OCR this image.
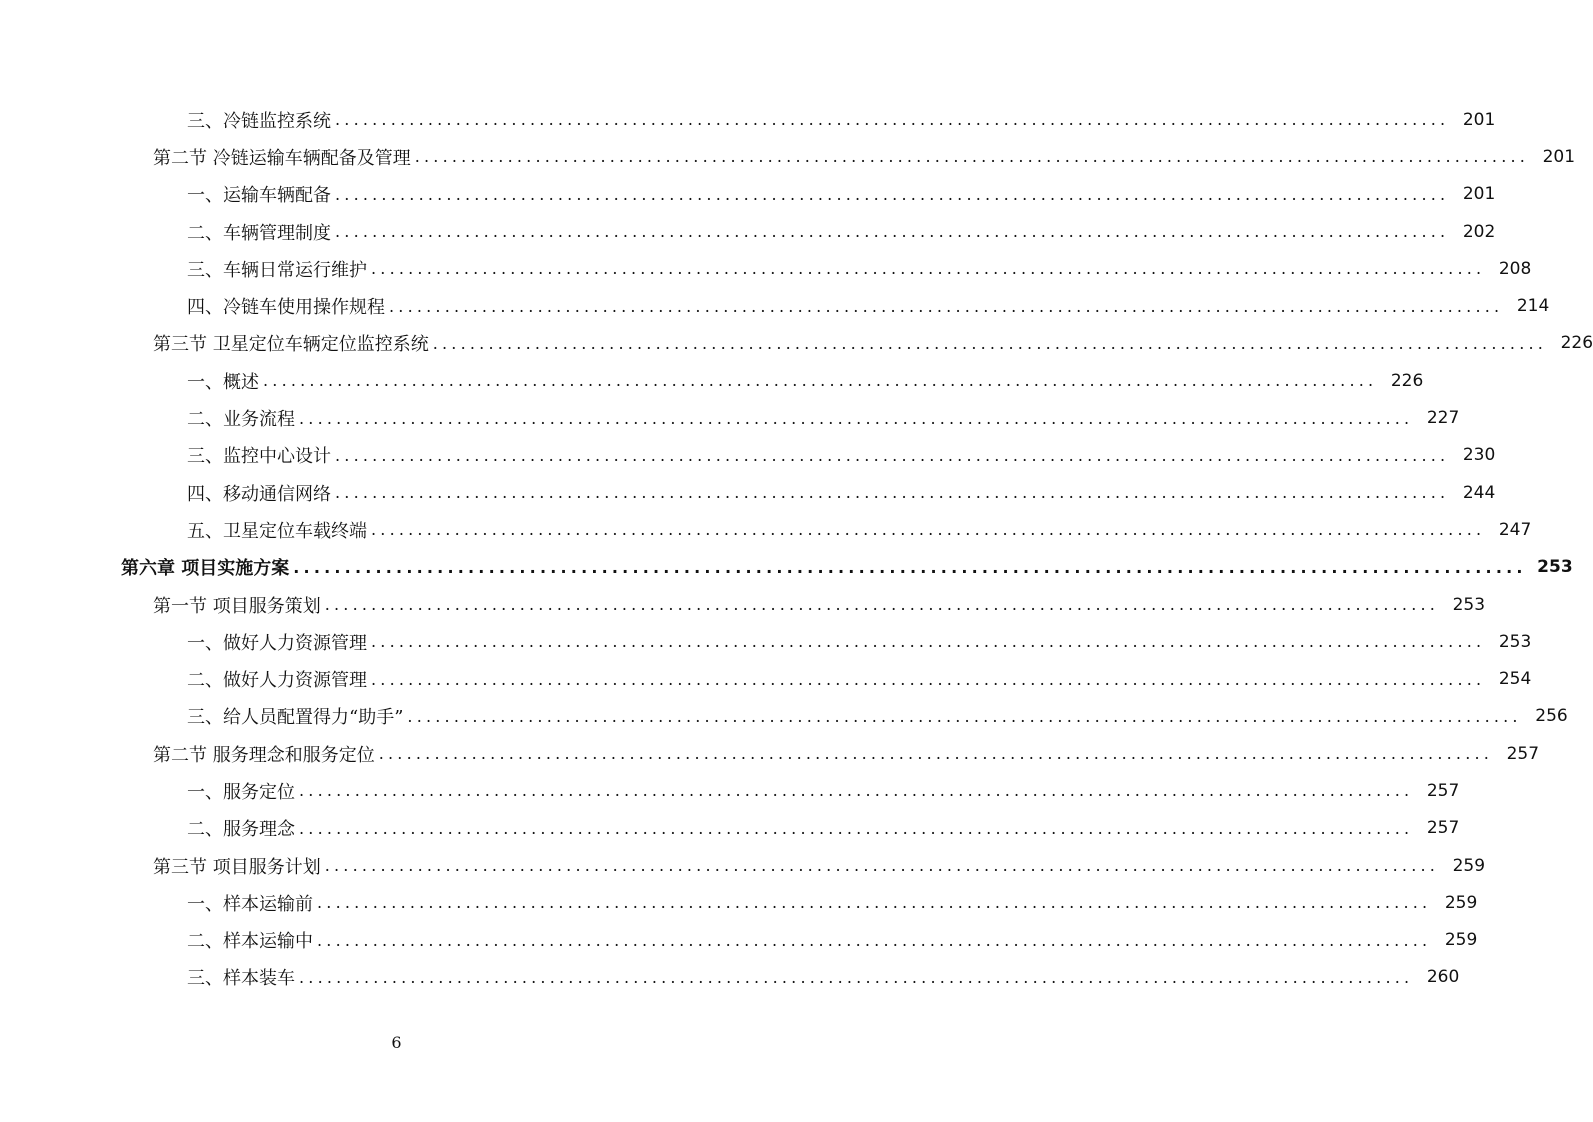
三、冷链监控系统 ........................................................................................................................ 201
第二节 冷链运输车辆配备及管理 ........................................................................................................................ 201
一、运输车辆配备 ........................................................................................................................ 201
二、车辆管理制度 ........................................................................................................................ 202
三、车辆日常运行维护 ........................................................................................................................ 208
四、冷链车使用操作规程 ........................................................................................................................ 214
第三节 卫星定位车辆定位监控系统 ........................................................................................................................ 226
一、概述 ........................................................................................................................ 226
二、业务流程 ........................................................................................................................ 227
三、监控中心设计 ........................................................................................................................ 230
四、移动通信网络 ........................................................................................................................ 244
五、卫星定位车载终端 ........................................................................................................................ 247
第六章 项目实施方案 ........................................................................................................................ 253
第一节 项目服务策划 ........................................................................................................................ 253
一、做好人力资源管理 ........................................................................................................................ 253
二、做好人力资源管理 ........................................................................................................................ 254
三、给人员配置得力“助手” ........................................................................................................................ 256
第二节 服务理念和服务定位 ........................................................................................................................ 257
一、服务定位 ........................................................................................................................ 257
二、服务理念 ........................................................................................................................ 257
第三节 项目服务计划 ........................................................................................................................ 259
一、样本运输前 ........................................................................................................................ 259
二、样本运输中 ........................................................................................................................ 259
三、样本装车 ........................................................................................................................ 260
6
